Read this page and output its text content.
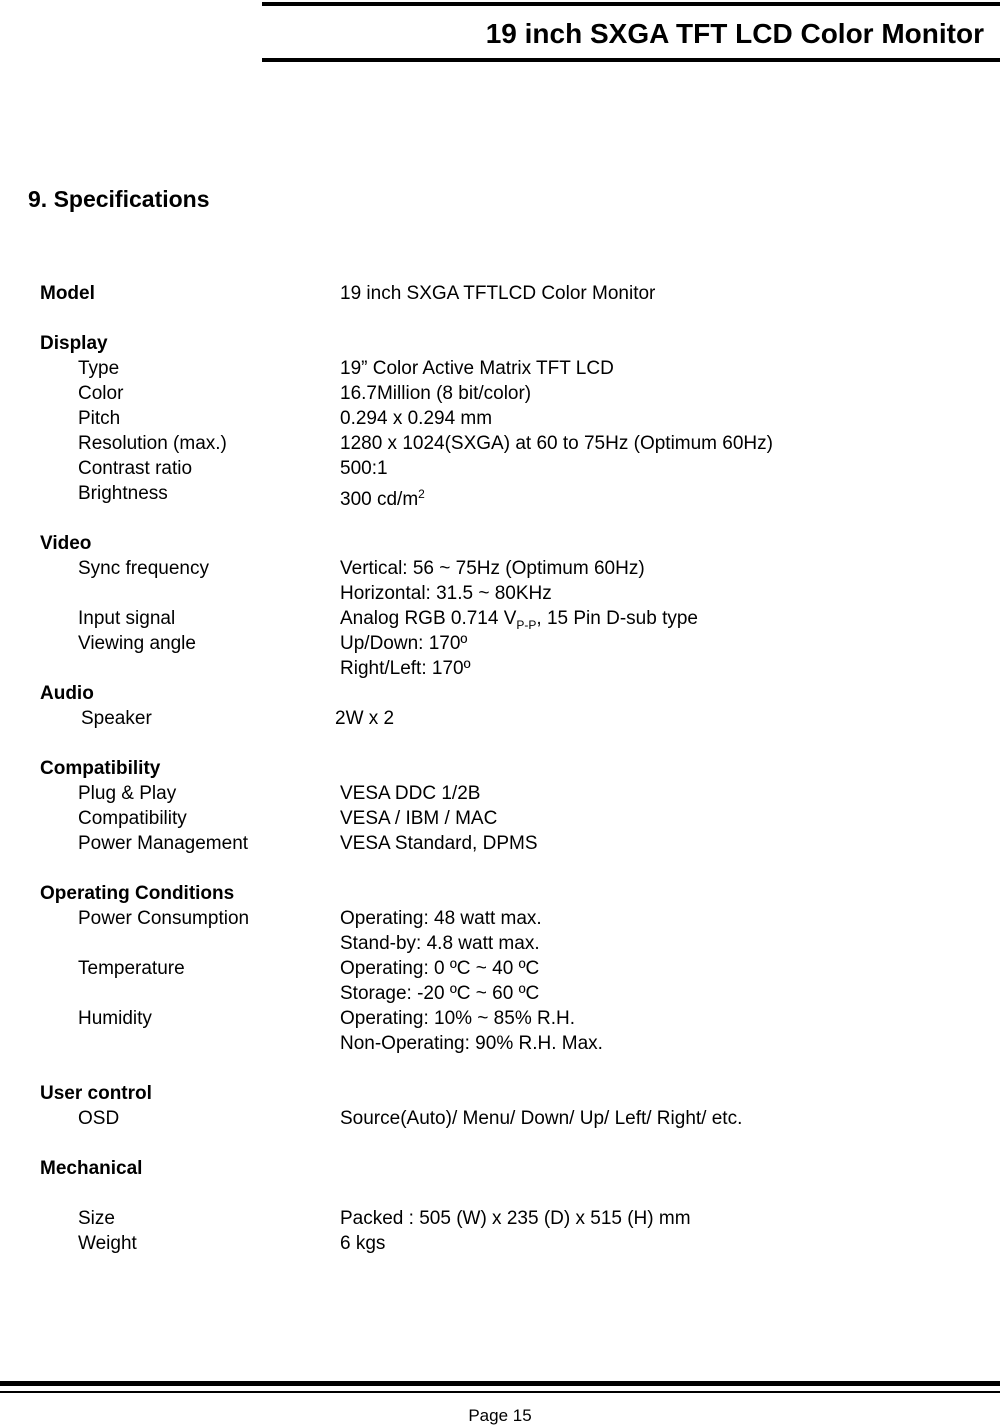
19 inch SXGA TFT LCD Color Monitor
9. Specifications
Model	19 inch SXGA TFTLCD Color Monitor
Display
Type	19” Color Active Matrix TFT LCD
Color	16.7Million (8 bit/color)
Pitch	0.294 x 0.294 mm
Resolution (max.)	1280 x 1024(SXGA) at 60 to 75Hz (Optimum 60Hz)
Contrast ratio	500:1
Brightness	300 $cd/m^2$
Video
Sync frequency	Vertical: 56 ~ 75Hz (Optimum 60Hz)
Horizontal: 31.5 ~ 80KHz
Input signal	Analog RGB 0.714 $V_{P-P}$, 15 Pin D-sub type
Viewing angle	Up/Down: 170º
Right/Left: 170º
Audio
Speaker	2W x 2
Compatibility
Plug & Play	VESA DDC 1/2B
Compatibility	VESA / IBM / MAC
Power Management	VESA Standard, DPMS
Operating Conditions
Power Consumption	Operating: 48 watt max.
Stand-by: 4.8 watt max.
Temperature	Operating: 0 ºC ~ 40 ºC
Storage: -20 ºC ~ 60 ºC
Humidity	Operating: 10% ~ 85% R.H.
Non-Operating: 90% R.H. Max.
User control
OSD	Source(Auto)/ Menu/ Down/ Up/ Left/ Right/ etc.
Mechanical
Size	Packed : 505 (W) x 235 (D) x 515 (H) mm
Weight	6 kgs
Page 15
